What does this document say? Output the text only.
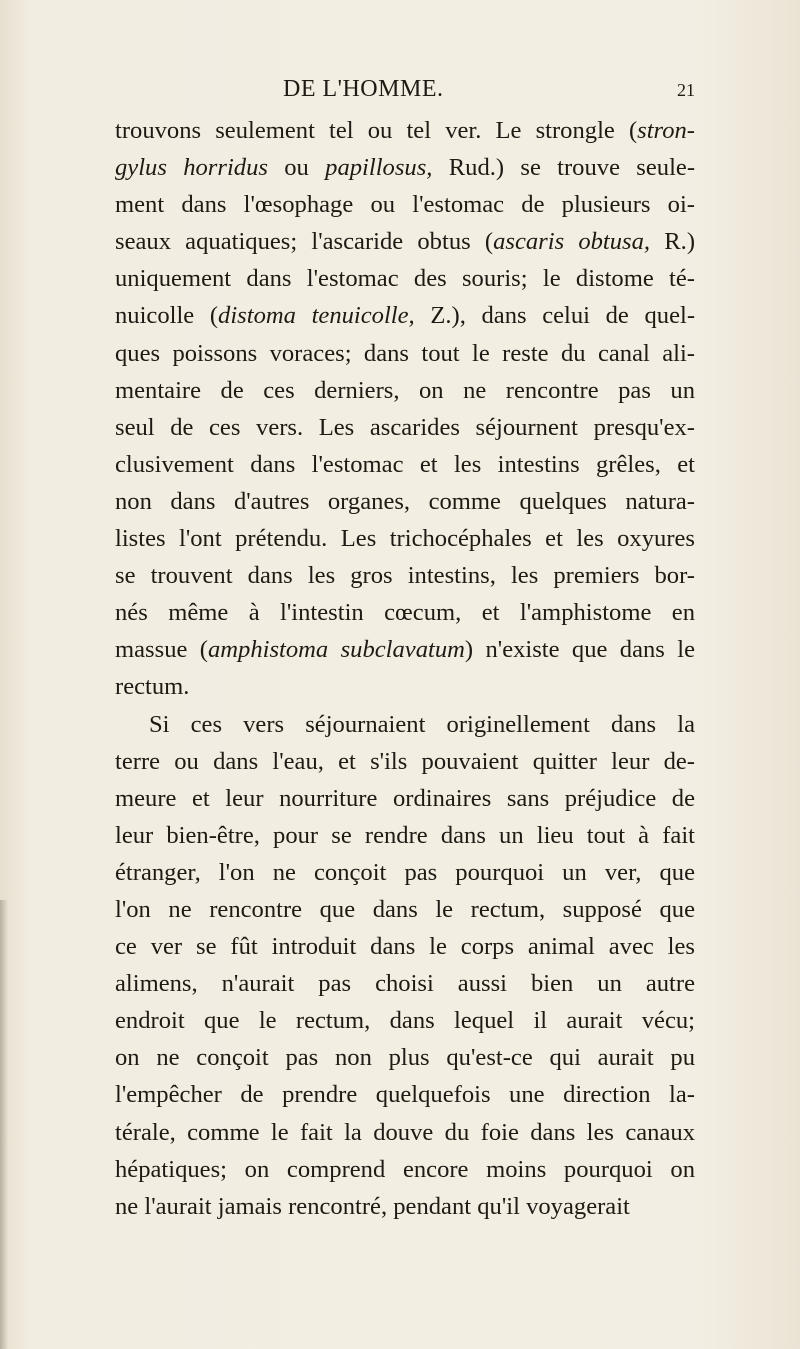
DE L'HOMME.	21
trouvons seulement tel ou tel ver. Le strongle (stron-
gylus horridus ou papillosus, Rud.) se trouve seule-
ment dans l'œsophage ou l'estomac de plusieurs oi-
seaux aquatiques; l'ascaride obtus (ascaris obtusa, R.)
uniquement dans l'estomac des souris; le distome té-
nuicolle (distoma tenuicolle, Z.), dans celui de quel-
ques poissons voraces; dans tout le reste du canal ali-
mentaire de ces derniers, on ne rencontre pas un
seul de ces vers. Les ascarides séjournent presqu'ex-
clusivement dans l'estomac et les intestins grêles, et
non dans d'autres organes, comme quelques natura-
listes l'ont prétendu. Les trichocéphales et les oxyures
se trouvent dans les gros intestins, les premiers bor-
nés même à l'intestin cœcum, et l'amphistome en
massue (amphistoma subclavatum) n'existe que dans le
rectum.
Si ces vers séjournaient originellement dans la
terre ou dans l'eau, et s'ils pouvaient quitter leur de-
meure et leur nourriture ordinaires sans préjudice de
leur bien-être, pour se rendre dans un lieu tout à fait
étranger, l'on ne conçoit pas pourquoi un ver, que
l'on ne rencontre que dans le rectum, supposé que
ce ver se fût introduit dans le corps animal avec les
alimens, n'aurait pas choisi aussi bien un autre
endroit que le rectum, dans lequel il aurait vécu;
on ne conçoit pas non plus qu'est-ce qui aurait pu
l'empêcher de prendre quelquefois une direction la-
térale, comme le fait la douve du foie dans les canaux
hépatiques; on comprend encore moins pourquoi on
ne l'aurait jamais rencontré, pendant qu'il voyagerait
